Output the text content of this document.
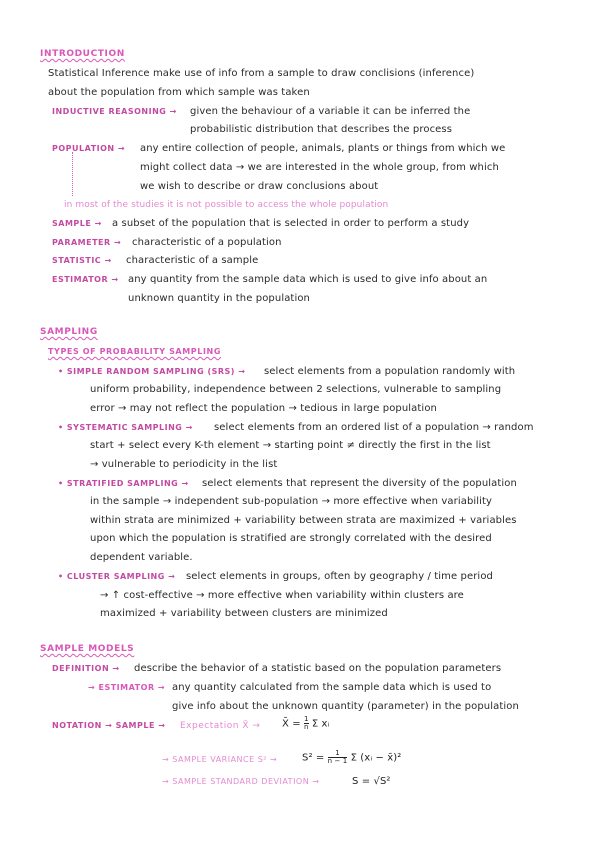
INTRODUCTION
Statistical Inference make use of info from a sample to draw conclisions (inference)
about the population from which sample was taken
INDUCTIVE REASONING → given the behaviour of a variable it can be inferred the
probabilistic distribution that describes the process
POPULATION → any entire collection of people, animals, plants or things from which we
might collect data → we are interested in the whole group, from which
we wish to describe or draw conclusions about
in most of the studies it is not possible to access the whole population
SAMPLE → a subset of the population that is selected in order to perform a study
PARAMETER → characteristic of a population
STATISTIC → characteristic of a sample
ESTIMATOR → any quantity from the sample data which is used to give info about an
unknown quantity in the population
SAMPLING
TYPES OF PROBABILITY SAMPLING
• SIMPLE RANDOM SAMPLING (SRS) → select elements from a population randomly with
uniform probability, independence between 2 selections, vulnerable to sampling
error → may not reflect the population → tedious in large population
• SYSTEMATIC SAMPLING → select elements from an ordered list of a population → random
start + select every K-th element → starting point ≠ directly the first in the list
→ vulnerable to periodicity in the list
• STRATIFIED SAMPLING → select elements that represent the diversity of the population
in the sample → independent sub-population → more effective when variability
within strata are minimized + variability between strata are maximized + variables
upon which the population is stratified are strongly correlated with the desired
dependent variable.
• CLUSTER SAMPLING → select elements in groups, often by geography / time period
→ ↑ cost-effective → more effective when variability within clusters are
maximized + variability between clusters are minimized
SAMPLE MODELS
DEFINITION → describe the behavior of a statistic based on the population parameters
→ ESTIMATOR → any quantity calculated from the sample data which is used to
give info about the unknown quantity (parameter) in the population
NOTATION → SAMPLE → Expectation X̄ → X̄ = $\frac{1}{n}$ Σ xᵢ
→ SAMPLE VARIANCE $S^2 \to S^2 = \frac{1}{n - 1}$ Σ (xᵢ − x̄)²
→ SAMPLE STANDARD DEVIATION →	S = √S²
